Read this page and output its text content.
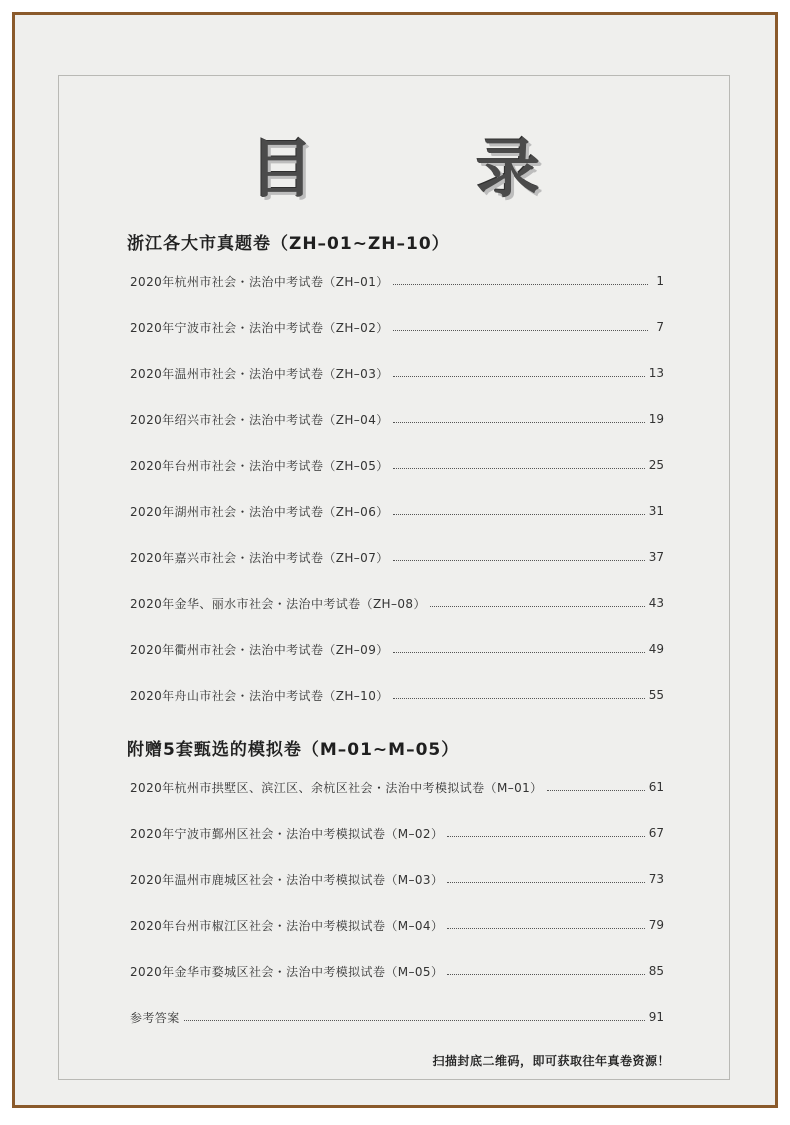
目 录
浙江各大市真题卷（ZH–01~ZH–10）
2020年杭州市社会・法治中考试卷（ZH–01）	1
2020年宁波市社会・法治中考试卷（ZH–02）	7
2020年温州市社会・法治中考试卷（ZH–03）	13
2020年绍兴市社会・法治中考试卷（ZH–04）	19
2020年台州市社会・法治中考试卷（ZH–05）	25
2020年湖州市社会・法治中考试卷（ZH–06）	31
2020年嘉兴市社会・法治中考试卷（ZH–07）	37
2020年金华、丽水市社会・法治中考试卷（ZH–08）	43
2020年衢州市社会・法治中考试卷（ZH–09）	49
2020年舟山市社会・法治中考试卷（ZH–10）	55
附赠5套甄选的模拟卷（M–01~M–05）
2020年杭州市拱墅区、滨江区、余杭区社会・法治中考模拟试卷（M–01）	61
2020年宁波市鄞州区社会・法治中考模拟试卷（M–02）	67
2020年温州市鹿城区社会・法治中考模拟试卷（M–03）	73
2020年台州市椒江区社会・法治中考模拟试卷（M–04）	79
2020年金华市婺城区社会・法治中考模拟试卷（M–05）	85
参考答案	91
扫描封底二维码，即可获取往年真卷资源！
